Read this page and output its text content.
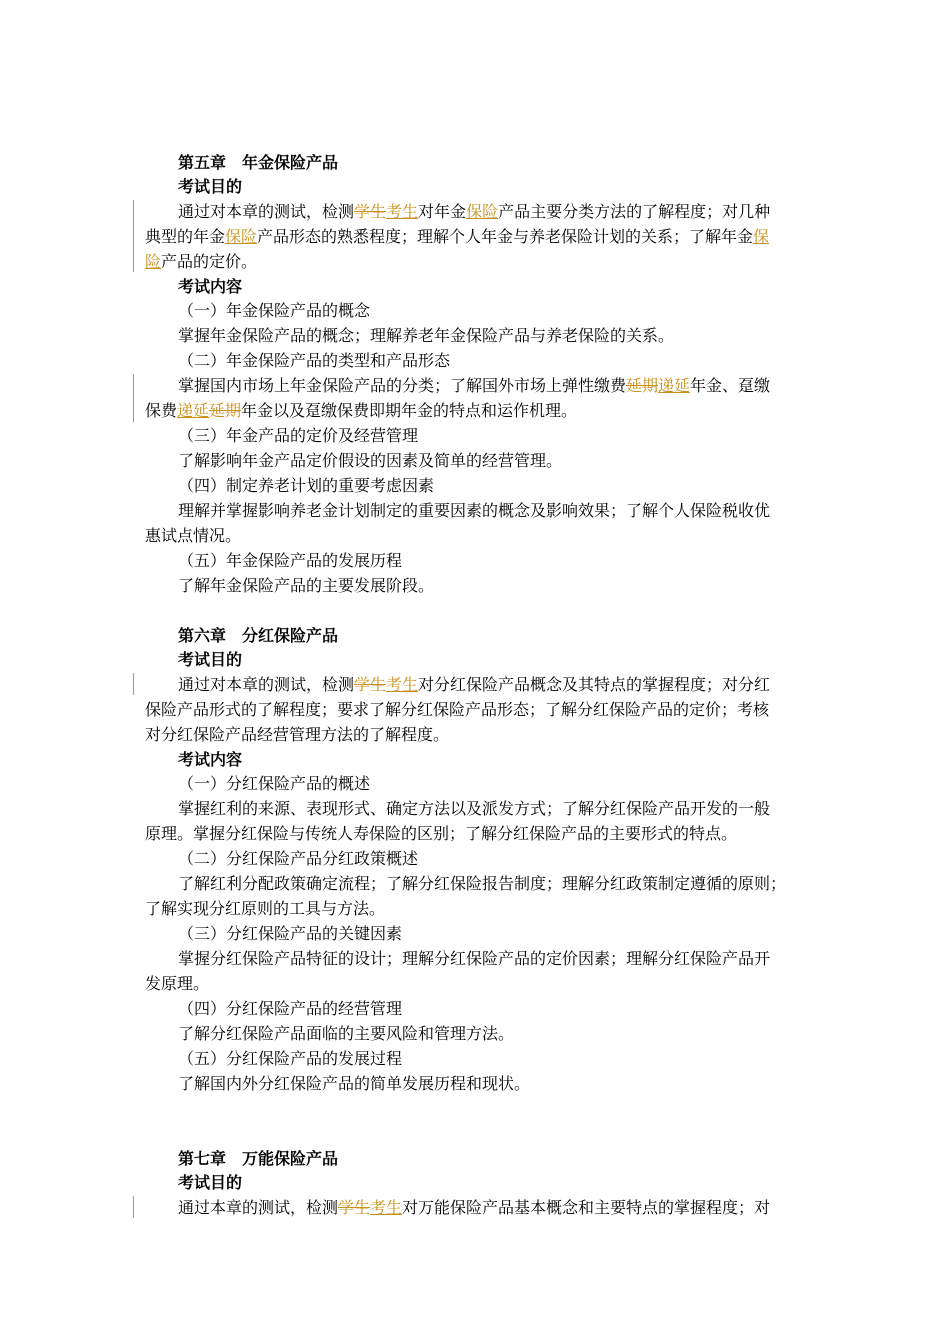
第五章　年金保险产品
考试目的
通过对本章的测试，检测学生考生对年金保险产品主要分类方法的了解程度；对几种
典型的年金保险产品形态的熟悉程度；理解个人年金与养老保险计划的关系；了解年金保
险产品的定价。
考试内容
（一）年金保险产品的概念
掌握年金保险产品的概念；理解养老年金保险产品与养老保险的关系。
（二）年金保险产品的类型和产品形态
掌握国内市场上年金保险产品的分类；了解国外市场上弹性缴费延期递延年金、趸缴
保费递延延期年金以及趸缴保费即期年金的特点和运作机理。
（三）年金产品的定价及经营管理
了解影响年金产品定价假设的因素及简单的经营管理。
（四）制定养老计划的重要考虑因素
理解并掌握影响养老金计划制定的重要因素的概念及影响效果；了解个人保险税收优
惠试点情况。
（五）年金保险产品的发展历程
了解年金保险产品的主要发展阶段。
第六章　分红保险产品
考试目的
通过对本章的测试，检测学生考生对分红保险产品概念及其特点的掌握程度；对分红
保险产品形式的了解程度；要求了解分红保险产品形态；了解分红保险产品的定价；考核
对分红保险产品经营管理方法的了解程度。
考试内容
（一）分红保险产品的概述
掌握红利的来源、表现形式、确定方法以及派发方式；了解分红保险产品开发的一般
原理。掌握分红保险与传统人寿保险的区别；了解分红保险产品的主要形式的特点。
（二）分红保险产品分红政策概述
了解红利分配政策确定流程；了解分红保险报告制度；理解分红政策制定遵循的原则；
了解实现分红原则的工具与方法。
（三）分红保险产品的关键因素
掌握分红保险产品特征的设计；理解分红保险产品的定价因素；理解分红保险产品开
发原理。
（四）分红保险产品的经营管理
了解分红保险产品面临的主要风险和管理方法。
（五）分红保险产品的发展过程
了解国内外分红保险产品的简单发展历程和现状。
第七章　万能保险产品
考试目的
通过本章的测试，检测学生考生对万能保险产品基本概念和主要特点的掌握程度；对
